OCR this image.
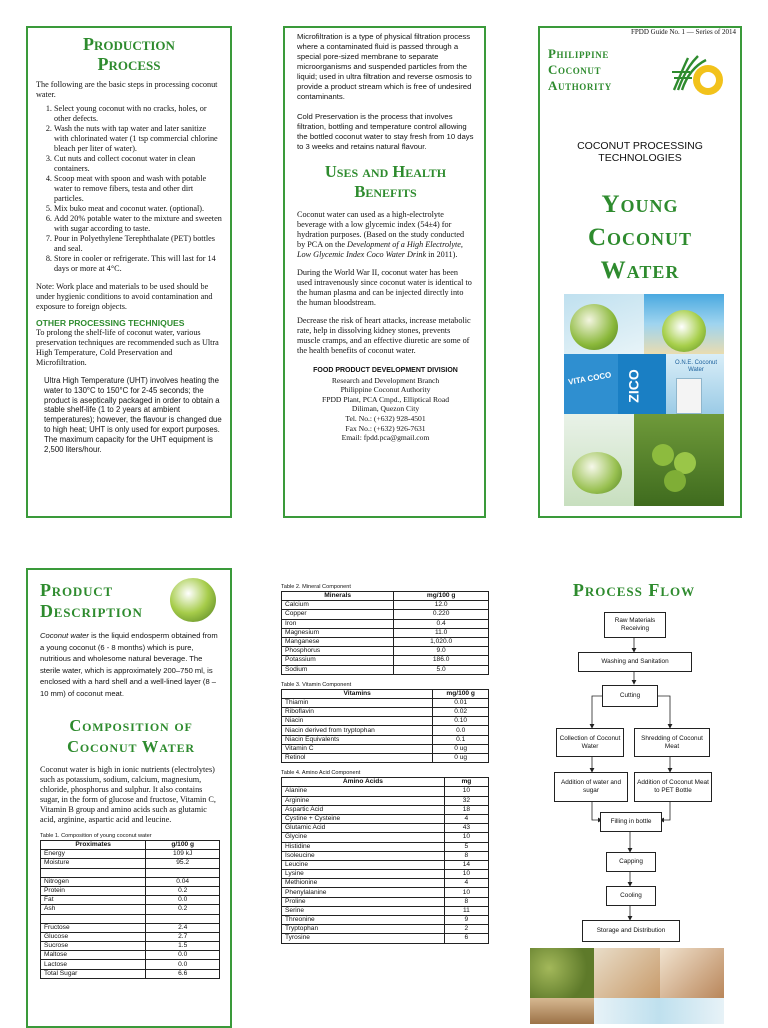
Production
Process
The following are the basic steps in processing coconut water.
1. Select young coconut with no cracks, holes, or other defects.
2. Wash the nuts with tap water and later sanitize with chlorinated water (1 tsp commercial chlorine bleach per liter of water).
3. Cut nuts and collect coconut water in clean containers.
4. Scoop meat with spoon and wash with potable water to remove fibers, testa and other dirt particles.
5. Mix buko meat and coconut water. (optional).
6. Add 20% potable water to the mixture and sweeten with sugar according to taste.
7. Pour in Polyethylene Terephthalate (PET) bottles and seal.
8. Store in cooler or refrigerate. This will last for 14 days or more at 4°C.
Note: Work place and materials to be used should be under hygienic conditions to avoid contamination and exposure to foreign objects.
OTHER PROCESSING TECHNIQUES
To prolong the shelf-life of coconut water, various preservation techniques are recommended such as Ultra High Temperature, Cold Preservation and Microfiltration.
Ultra High Temperature (UHT) involves heating the water to 130°C to 150°C for 2-45 seconds; the product is aseptically packaged in order to obtain a stable shelf-life (1 to 2 years at ambient temperatures); however, the flavour is changed due to high heat; UHT is only used for export purposes. The maximum capacity for the UHT equipment is 2,500 liters/hour.
Microfiltration is a type of physical filtration process where a contaminated fluid is passed through a special pore-sized membrane to separate microorganisms and suspended particles from the liquid; used in ultra filtration and reverse osmosis to provide a product stream which is free of undesired contaminants.
Cold Preservation is the process that involves filtration, bottling and temperature control allowing the bottled coconut water to stay fresh from 10 days to 3 weeks and retains natural flavour.
Uses and Health
Benefits
Coconut water can used as a high-electrolyte beverage with a low glycemic index (54±4) for hydration purposes. (Based on the study conducted by PCA on the Development of a High Electrolyte, Low Glycemic Index Coco Water Drink in 2011).
During the World War II, coconut water has been used intravenously since coconut water is identical to the human plasma and can be injected directly into the human bloodstream.
Decrease the risk of heart attacks, increase metabolic rate, help in dissolving kidney stones, prevents muscle cramps, and an effective diuretic are some of the health benefits of coconut water.
FOOD PRODUCT DEVELOPMENT DIVISION
Research and Development Branch
Philippine Coconut Authority
FPDD Plant, PCA Cmpd., Elliptical Road
Diliman, Quezon City
Tel. No.: (+632) 928-4501
Fax No.: (+632) 926-7631
Email: fpdd.pca@gmail.com
FPDD Guide No. 1 — Series of 2014
Philippine
Coconut
Authority
COCONUT PROCESSING
TECHNOLOGIES
Young
Coconut
Water
VITA COCO ZICO
O.N.E. Coconut Water
Product
Description
Coconut water is the liquid endosperm obtained from a young coconut (6 - 8 months) which is pure, nutritious and wholesome natural beverage. The sterile water, which is approximately 200–750 ml, is enclosed with a hard shell and a well-lined layer (8 – 10 mm) of coconut meat.
Composition of
Coconut Water
Coconut water is high in ionic nutrients (electrolytes) such as potassium, sodium, calcium, magnesium, chloride, phosphorus and sulphur. It also contains sugar, in the form of glucose and fructose, Vitamin C, Vitamin B group and amino acids such as glutamic acid, arginine, aspartic acid and leucine.
Table 1. Composition of young coconut water
Proximates	g/100 g
Energy	109 kJ
Moisture	95.2

Nitrogen	0.04
Protein	0.2
Fat	0.0
Ash	0.2

Fructose	2.4
Glucose	2.7
Sucrose	1.5
Maltose	0.0
Lactose	0.0
Total Sugar	6.6
Table 2. Mineral Component
Minerals	mg/100 g
Calcium	12.0
Copper	0.220
Iron	0.4
Magnesium	11.0
Manganese	1,020.0
Phosphorus	9.0
Potassium	186.0
Sodium	5.0
Table 3. Vitamin Component
Vitamins	mg/100 g
Thiamin	0.01
Riboflavin	0.02
Niacin	0.10
Niacin derived from tryptophan	0.0
Niacin Equivalents	0.1
Vitamin C	0 ug
Retinol	0 ug
Table 4. Amino Acid Component
Amino Acids	mg
Alanine	10
Arginine	32
Aspartic Acid	18
Cystine + Cysteine	4
Glutamic Acid	43
Glycine	10
Histidine	5
Isoleucine	8
Leucine	14
Lysine	10
Methionine	4
Phenylalanine	10
Proline	8
Serine	11
Threonine	9
Tryptophan	2
Tyrosine	6
Process Flow
Raw Materials Receiving
Washing and Sanitation
Cutting
Collection of Coconut Water
Shredding of Coconut Meat
Addition of water and sugar
Addition of Coconut Meat to PET Bottle
Filling in bottle
Capping
Cooling
Storage and Distribution
